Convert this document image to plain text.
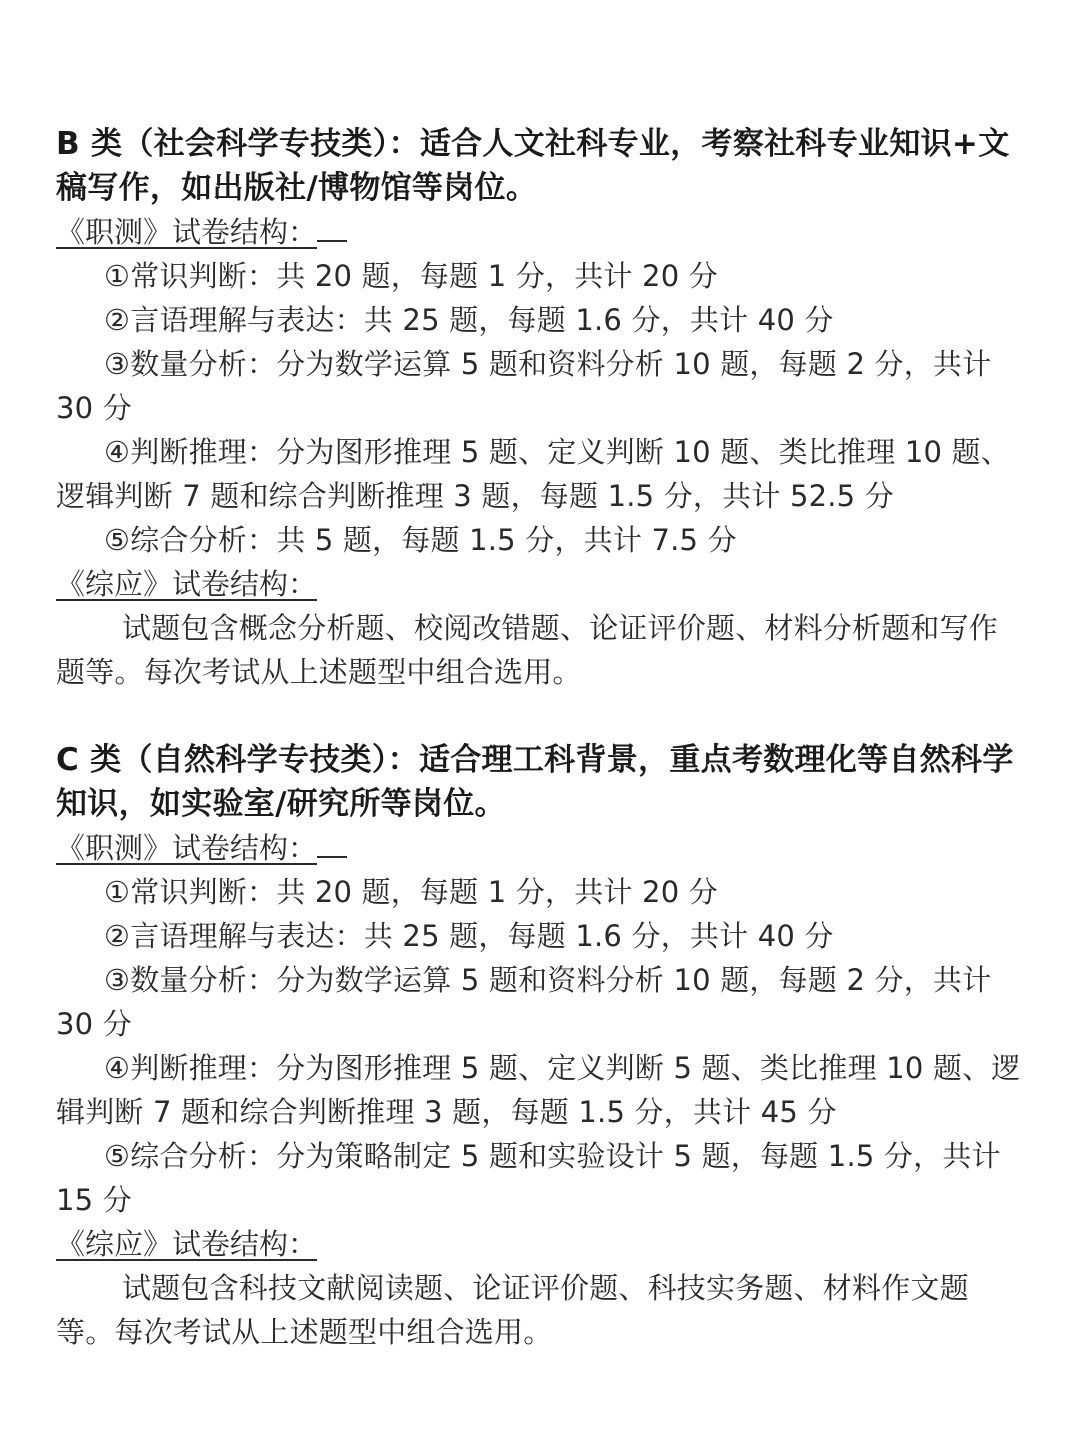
B 类（社会科学专技类）：适合人文社科专业，考察社科专业知识+文稿写作，如出版社/博物馆等岗位。

《职测》试卷结构：

①常识判断：共 20 题，每题 1 分，共计 20 分

②言语理解与表达：共 25 题，每题 1.6 分，共计 40 分

③数量分析：分为数学运算 5 题和资料分析 10 题，每题 2 分，共计 30 分

④判断推理：分为图形推理 5 题、定义判断 10 题、类比推理 10 题、逻辑判断 7 题和综合判断推理 3 题，每题 1.5 分，共计 52.5 分

⑤综合分析：共 5 题，每题 1.5 分，共计 7.5 分

《综应》试卷结构：

试题包含概念分析题、校阅改错题、论证评价题、材料分析题和写作题等。每次考试从上述题型中组合选用。

C 类（自然科学专技类）：适合理工科背景，重点考数理化等自然科学知识，如实验室/研究所等岗位。

《职测》试卷结构：

①常识判断：共 20 题，每题 1 分，共计 20 分

②言语理解与表达：共 25 题，每题 1.6 分，共计 40 分

③数量分析：分为数学运算 5 题和资料分析 10 题，每题 2 分，共计 30 分

④判断推理：分为图形推理 5 题、定义判断 5 题、类比推理 10 题、逻辑判断 7 题和综合判断推理 3 题，每题 1.5 分，共计 45 分

⑤综合分析：分为策略制定 5 题和实验设计 5 题，每题 1.5 分，共计 15 分

《综应》试卷结构：

试题包含科技文献阅读题、论证评价题、科技实务题、材料作文题等。每次考试从上述题型中组合选用。
